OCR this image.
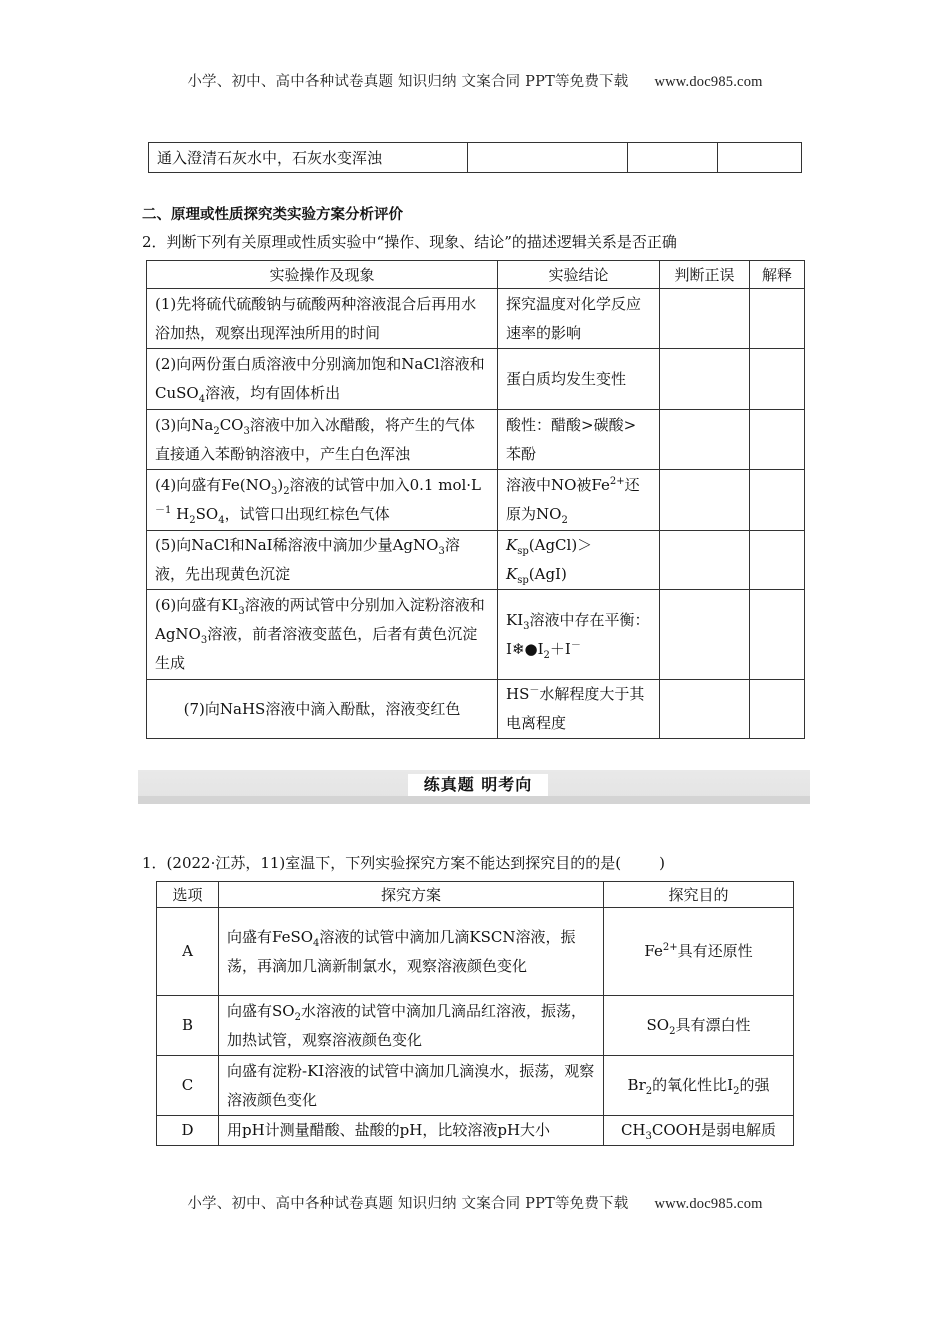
小学、初中、高中各种试卷真题 知识归纳 文案合同 PPT等免费下载 www.doc985.com
通入澄清石灰水中，石灰水变浑浊			
二、原理或性质探究类实验方案分析评价
2．判断下列有关原理或性质实验中“操作、现象、结论”的描述逻辑关系是否正确
实验操作及现象	实验结论	判断正误	解释
(1)先将硫代硫酸钠与硫酸两种溶液混合后再用水浴加热，观察出现浑浊所用的时间	探究温度对化学反应速率的影响		
(2)向两份蛋白质溶液中分别滴加饱和NaCl溶液和CuSO$_4$溶液，均有固体析出	蛋白质均发生变性		
(3)向$Na_2CO_3$溶液中加入冰醋酸，将产生的气体直接通入苯酚钠溶液中，产生白色浑浊	酸性：醋酸>碳酸>苯酚		
(4)向盛有$Fe(NO_3)_2$溶液的试管中加入0.1 $mol\cdot L^{-1}$ $H_2SO_4$，试管口出现红棕色气体	溶液中NO被$Fe^{2+}$还原为$NO_2$		
(5)向NaCl和NaI稀溶液中滴加少量AgNO$_3$溶液，先出现黄色沉淀	$K_{sp}(AgCl)>K_{sp}(AgI)$		
(6)向盛有$KI_3$溶液的两试管中分别加入淀粉溶液和AgNO$_3$溶液，前者溶液变蓝色，后者有黄色沉淀生成	$KI_3$溶液中存在平衡：$I❄●I_2+I^-$		
(7)向NaHS溶液中滴入酚酞，溶液变红色	HS－水解程度大于其电离程度		
练真题 明考向
1．(2022·江苏，11)室温下，下列实验探究方案不能达到探究目的的是(	)
选项	探究方案	探究目的
A	向盛有FeSO$_4$溶液的试管中滴加几滴KSCN溶液，振荡，再滴加几滴新制氯水，观察溶液颜色变化	$Fe^{2+}$具有还原性
B	向盛有$SO_2$水溶液的试管中滴加几滴品红溶液，振荡，加热试管，观察溶液颜色变化	$SO_2$具有漂白性
C	向盛有淀粉-KI溶液的试管中滴加几滴溴水，振荡，观察溶液颜色变化	$Br_2$的氧化性比$I_2$的强
D	用pH计测量醋酸、盐酸的pH，比较溶液pH大小	$CH_3COOH$是弱电解质
小学、初中、高中各种试卷真题 知识归纳 文案合同 PPT等免费下载 www.doc985.com
